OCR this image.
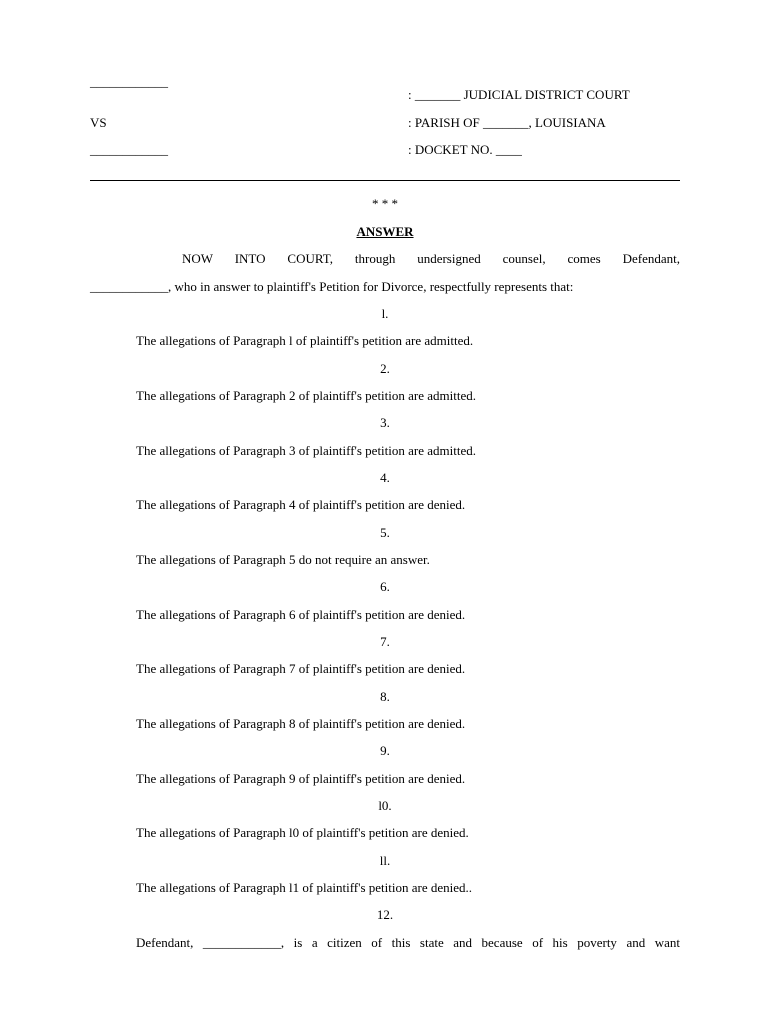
____________
: _______ JUDICIAL DISTRICT COURT
VS	: PARISH OF _______, LOUISIANA
____________	: DOCKET NO. ____
* * *
ANSWER
NOW INTO COURT, through undersigned counsel, comes Defendant,
____________, who in answer to plaintiff's Petition for Divorce, respectfully represents that:
l.
The allegations of Paragraph l of plaintiff's petition are admitted.
2.
The allegations of Paragraph 2 of plaintiff's petition are admitted.
3.
The allegations of Paragraph 3 of plaintiff's petition are admitted.
4.
The allegations of Paragraph 4 of plaintiff's petition are denied.
5.
The allegations of Paragraph 5 do not require an answer.
6.
The allegations of Paragraph 6 of plaintiff's petition are denied.
7.
The allegations of Paragraph 7 of plaintiff's petition are denied.
8.
The allegations of Paragraph 8 of plaintiff's petition are denied.
9.
The allegations of Paragraph 9 of plaintiff's petition are denied.
l0.
The allegations of Paragraph l0 of plaintiff's petition are denied.
ll.
The allegations of Paragraph l1 of plaintiff's petition are denied..
12.
Defendant, ____________, is a citizen of this state and because of his poverty and want
